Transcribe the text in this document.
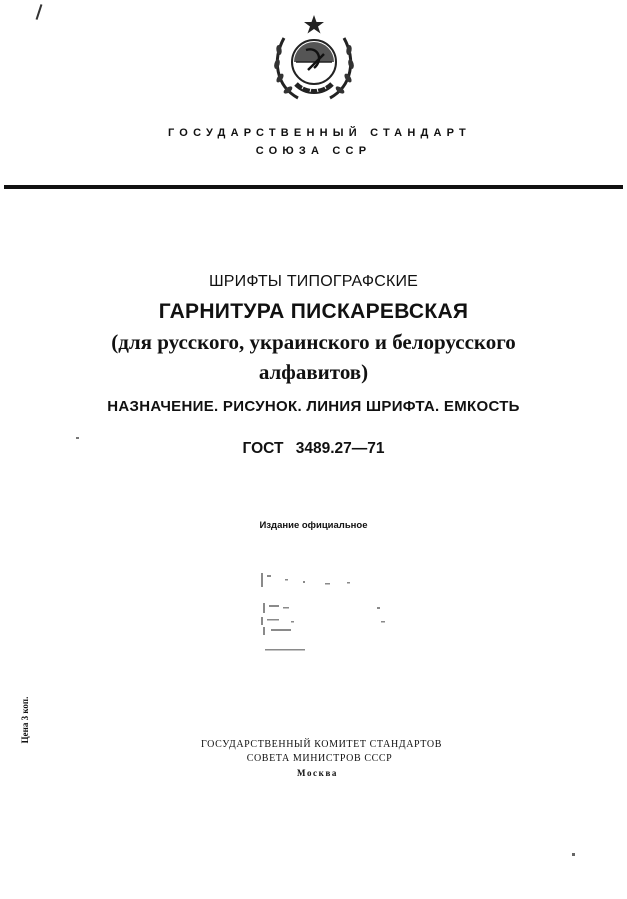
ГОСУДАРСТВЕННЫЙ СТАНДАРТ
СОЮЗА ССР
ШРИФТЫ ТИПОГРАФСКИЕ
ГАРНИТУРА ПИСКАРЕВСКАЯ
(для русского, украинского и белорусского
алфавитов)
НАЗНАЧЕНИЕ. РИСУНОК. ЛИНИЯ ШРИФТА. ЕМКОСТЬ
ГОСТ 3489.27—71
Издание официальное
Цена 3 коп.
ГОСУДАРСТВЕННЫЙ КОМИТЕТ СТАНДАРТОВ
СОВЕТА МИНИСТРОВ СССР
Москва
